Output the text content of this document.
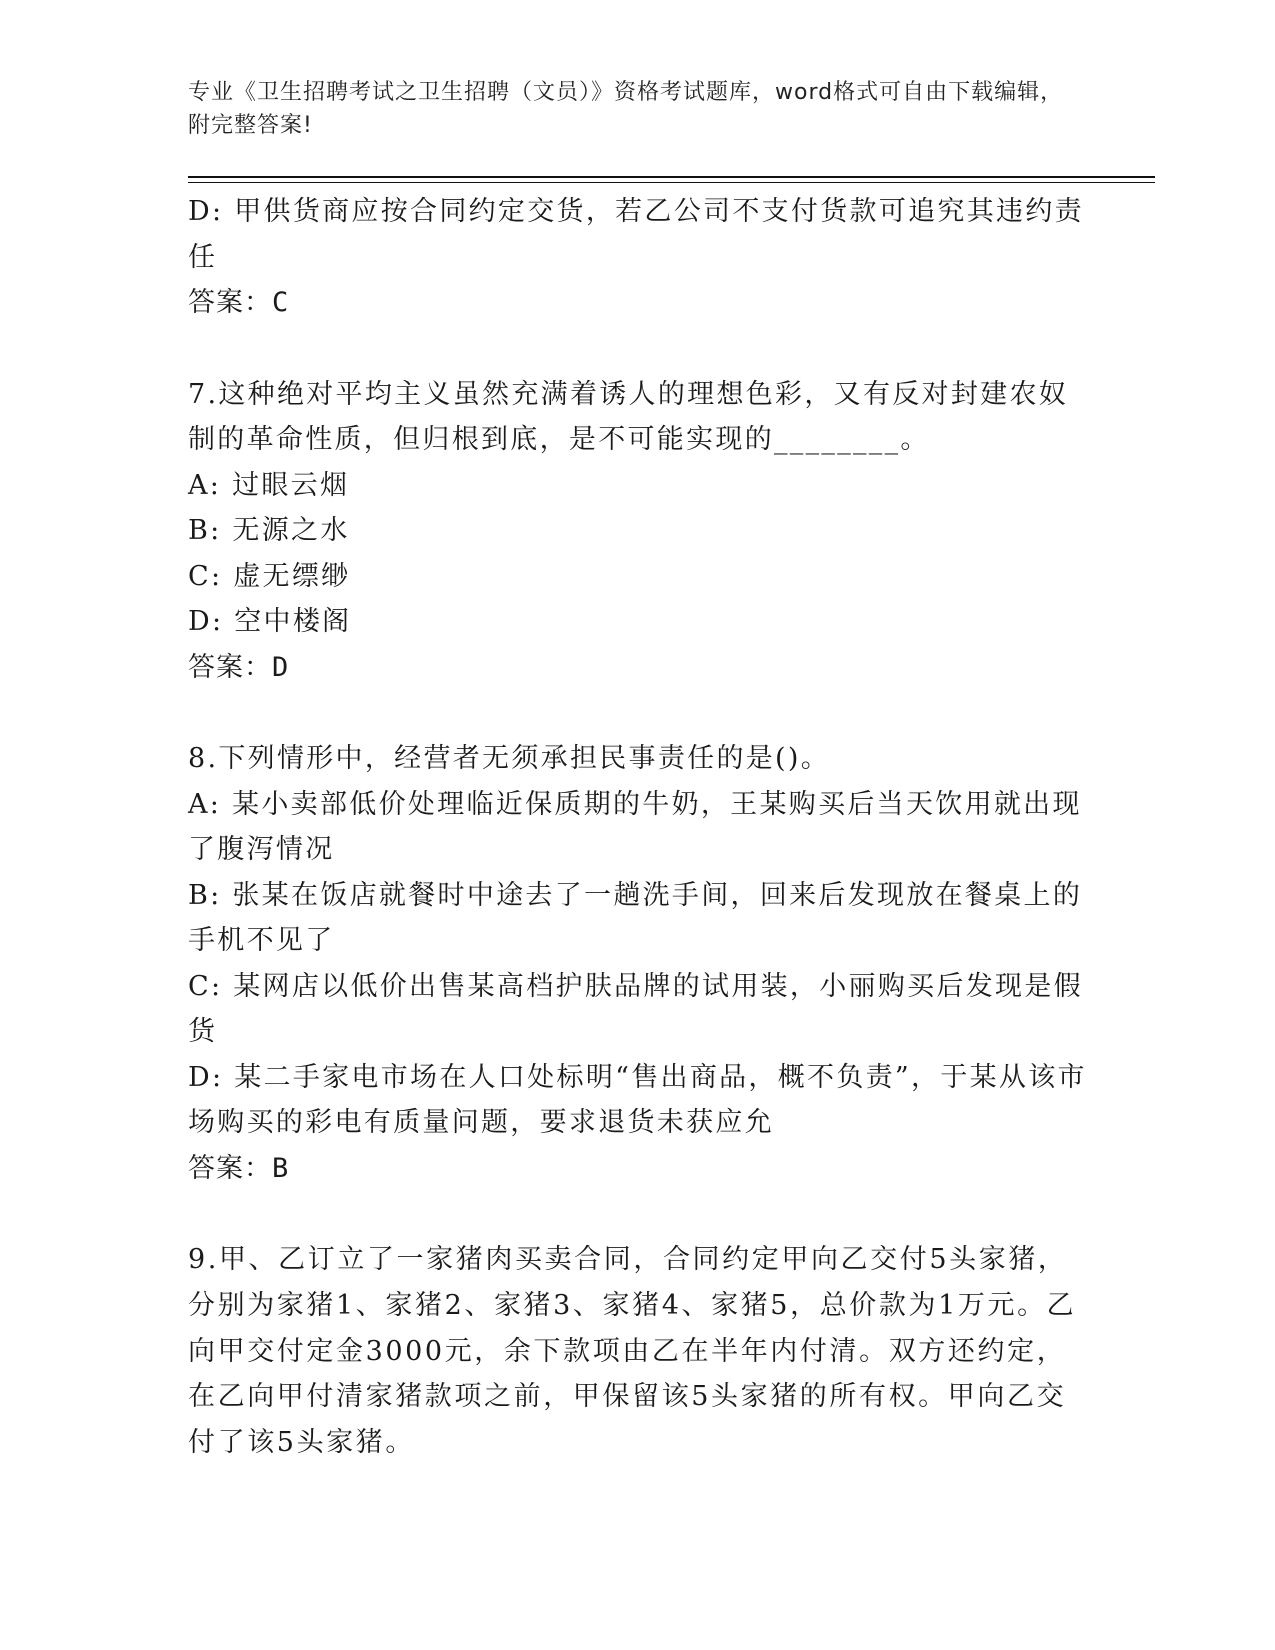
专业《卫生招聘考试之卫生招聘（文员）》资格考试题库，word格式可自由下载编辑，附完整答案!

D: 甲供货商应按合同约定交货，若乙公司不支付货款可追究其违约责任

答案：C

7.这种绝对平均主义虽然充满着诱人的理想色彩，又有反对封建农奴制的革命性质，但归根到底，是不可能实现的________。

A: 过眼云烟

B: 无源之水

C: 虚无缥缈

D: 空中楼阁

答案：D

8.下列情形中，经营者无须承担民事责任的是()。

A: 某小卖部低价处理临近保质期的牛奶，王某购买后当天饮用就出现了腹泻情况

B: 张某在饭店就餐时中途去了一趟洗手间，回来后发现放在餐桌上的手机不见了

C: 某网店以低价出售某高档护肤品牌的试用装，小丽购买后发现是假货

D: 某二手家电市场在人口处标明“售出商品，概不负责”，于某从该市场购买的彩电有质量问题，要求退货未获应允

答案：B

9.甲、乙订立了一家猪肉买卖合同，合同约定甲向乙交付5头家猪，分别为家猪1、家猪2、家猪3、家猪4、家猪5，总价款为1万元。乙向甲交付定金3000元，余下款项由乙在半年内付清。双方还约定，在乙向甲付清家猪款项之前，甲保留该5头家猪的所有权。甲向乙交付了该5头家猪。
